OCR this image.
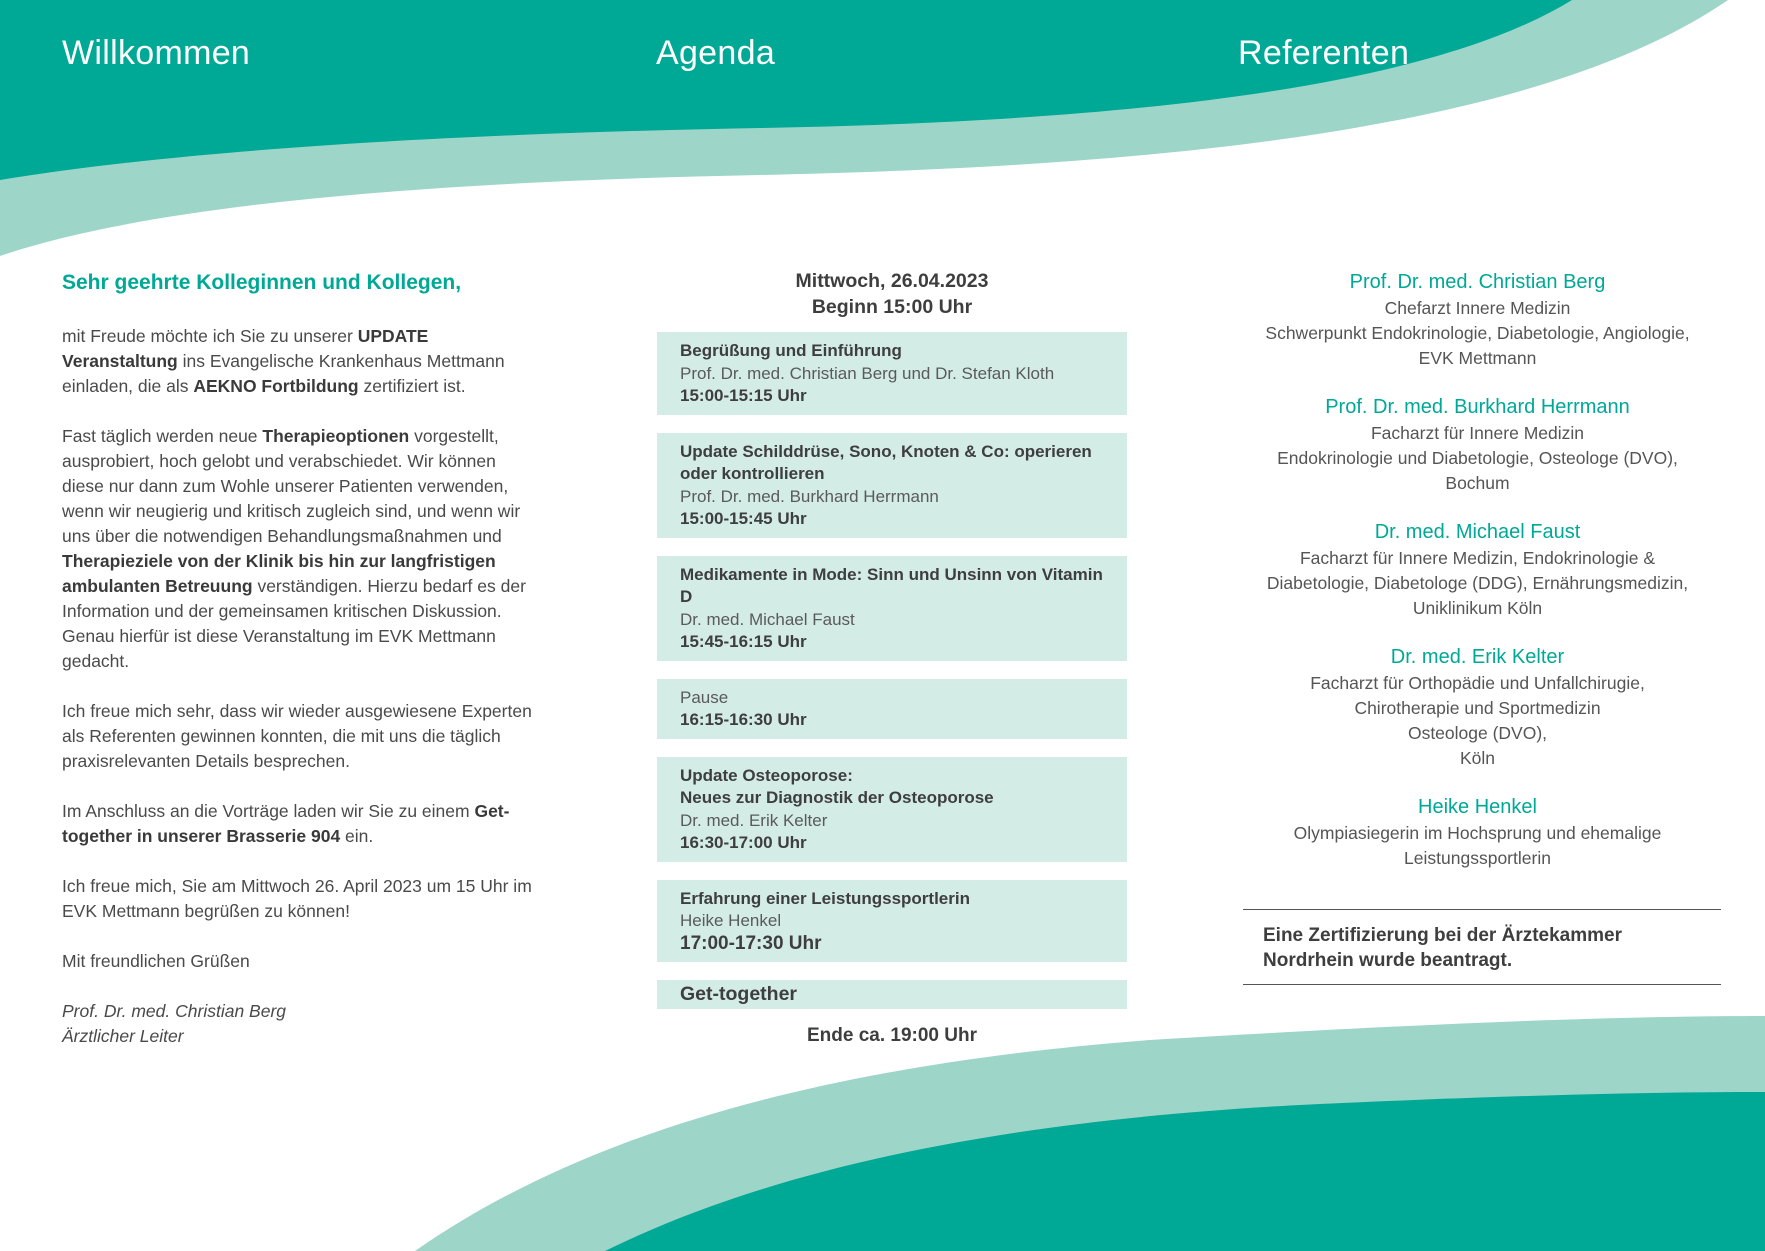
Willkommen	Agenda	Referenten
Sehr geehrte Kolleginnen und Kollegen,

mit Freude möchte ich Sie zu unserer UPDATE Veranstaltung ins Evangelische Krankenhaus Mettmann einladen, die als AEKNO Fortbildung zertifiziert ist.

Fast täglich werden neue Therapieoptionen vorgestellt, ausprobiert, hoch gelobt und verabschiedet. Wir können diese nur dann zum Wohle unserer Patienten verwenden, wenn wir neugierig und kritisch zugleich sind, und wenn wir uns über die notwendigen Behandlungsmaßnahmen und Therapieziele von der Klinik bis hin zur langfristigen ambulanten Betreuung verständigen. Hierzu bedarf es der Information und der gemeinsamen kritischen Diskussion. Genau hierfür ist diese Veranstaltung im EVK Mettmann gedacht.

Ich freue mich sehr, dass wir wieder ausgewiesene Experten als Referenten gewinnen konnten, die mit uns die täglich praxisrelevanten Details besprechen.

Im Anschluss an die Vorträge laden wir Sie zu einem Get-together in unserer Brasserie 904 ein.

Ich freue mich, Sie am Mittwoch 26. April 2023 um 15 Uhr im EVK Mettmann begrüßen zu können!

Mit freundlichen Grüßen

Prof. Dr. med. Christian Berg
Ärztlicher Leiter
Mittwoch, 26.04.2023
Beginn 15:00 Uhr
Begrüßung und Einführung
Prof. Dr. med. Christian Berg und Dr. Stefan Kloth
15:00-15:15 Uhr
Update Schilddrüse, Sono, Knoten & Co: operieren oder kontrollieren
Prof. Dr. med. Burkhard Herrmann
15:00-15:45 Uhr
Medikamente in Mode: Sinn und Unsinn von Vitamin D
Dr. med. Michael Faust
15:45-16:15 Uhr
Pause
16:15-16:30 Uhr
Update Osteoporose:
Neues zur Diagnostik der Osteoporose
Dr. med. Erik Kelter
16:30-17:00 Uhr
Erfahrung einer Leistungssportlerin
Heike Henkel
17:00-17:30 Uhr
Get-together
Ende ca. 19:00 Uhr
Prof. Dr. med. Christian Berg
Chefarzt Innere Medizin
Schwerpunkt Endokrinologie, Diabetologie, Angiologie,
EVK Mettmann
Prof. Dr. med. Burkhard Herrmann
Facharzt für Innere Medizin
Endokrinologie und Diabetologie, Osteologe (DVO),
Bochum
Dr. med. Michael Faust
Facharzt für Innere Medizin, Endokrinologie &
Diabetologie, Diabetologe (DDG), Ernährungsmedizin,
Uniklinikum Köln
Dr. med. Erik Kelter
Facharzt für Orthopädie und Unfallchirugie,
Chirotherapie und Sportmedizin
Osteologe (DVO),
Köln
Heike Henkel
Olympiasiegerin im Hochsprung und ehemalige
Leistungssportlerin
Eine Zertifizierung bei der Ärztekammer
Nordrhein wurde beantragt.
